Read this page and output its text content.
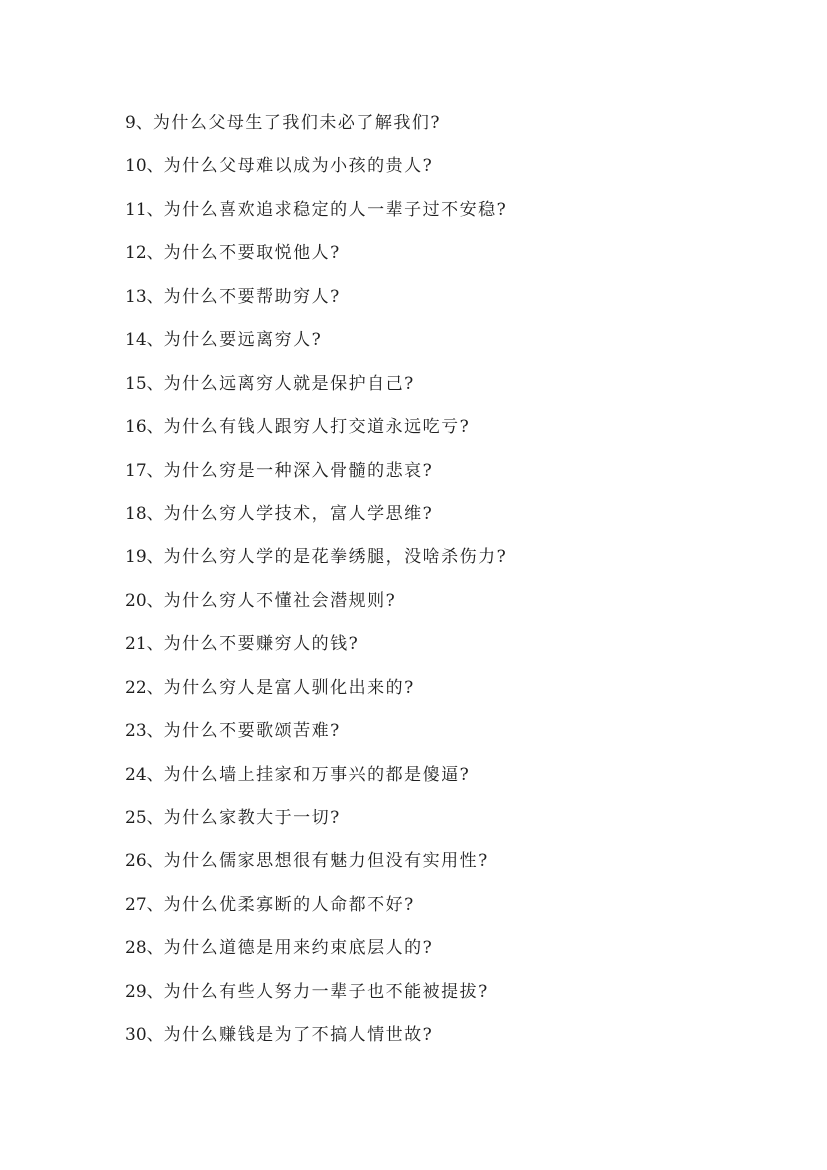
9、为什么父母生了我们未必了解我们?
10、为什么父母难以成为小孩的贵人?
11、为什么喜欢追求稳定的人一辈子过不安稳?
12、为什么不要取悦他人?
13、为什么不要帮助穷人?
14、为什么要远离穷人?
15、为什么远离穷人就是保护自己?
16、为什么有钱人跟穷人打交道永远吃亏?
17、为什么穷是一种深入骨髓的悲哀?
18、为什么穷人学技术，富人学思维?
19、为什么穷人学的是花拳绣腿，没啥杀伤力?
20、为什么穷人不懂社会潜规则?
21、为什么不要赚穷人的钱?
22、为什么穷人是富人驯化出来的?
23、为什么不要歌颂苦难?
24、为什么墙上挂家和万事兴的都是傻逼?
25、为什么家教大于一切?
26、为什么儒家思想很有魅力但没有实用性?
27、为什么优柔寡断的人命都不好?
28、为什么道德是用来约束底层人的?
29、为什么有些人努力一辈子也不能被提拔?
30、为什么赚钱是为了不搞人情世故?
